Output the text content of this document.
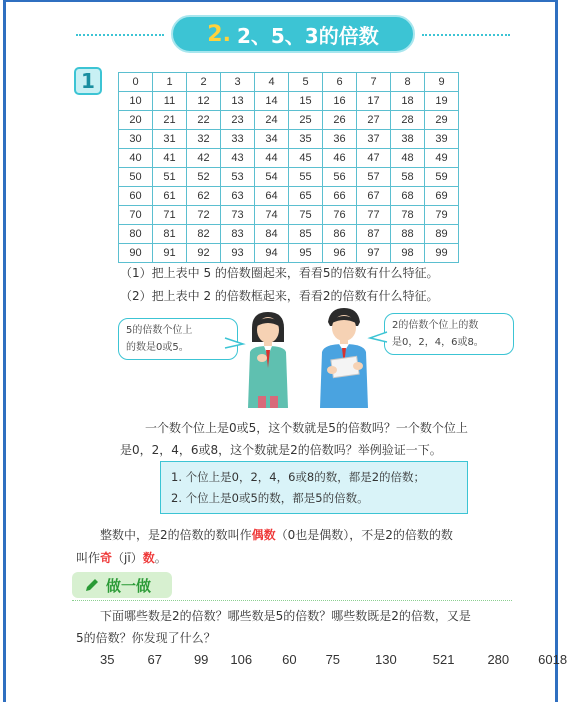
2. 2、5、3的倍数
1	0	1	2	3	4	5	6	7	8	9
10	11	12	13	14	15	16	17	18	19
20	21	22	23	24	25	26	27	28	29
30	31	32	33	34	35	36	37	38	39
40	41	42	43	44	45	46	47	48	49
50	51	52	53	54	55	56	57	58	59
60	61	62	63	64	65	66	67	68	69
70	71	72	73	74	75	76	77	78	79
80	81	82	83	84	85	86	87	88	89
90	91	92	93	94	95	96	97	98	99
（1）把上表中 5 的倍数圈起来，看看5的倍数有什么特征。
（2）把上表中 2 的倍数框起来，看看2的倍数有什么特征。
5的倍数个位上
的数是0或5。
2的倍数个位上的数
是0，2，4，6或8。
一个数个位上是0或5，这个数就是5的倍数吗？一个数个位上
是0，2，4，6或8，这个数就是2的倍数吗？举例验证一下。
1. 个位上是0，2，4，6或8的数，都是2的倍数；
2. 个位上是0或5的数，都是5的倍数。
整数中，是2的倍数的数叫作偶数（0也是偶数），不是2的倍数的数
叫作奇（jī）数。
做一做
下面哪些数是2的倍数？哪些数是5的倍数？哪些数既是2的倍数，又是
5的倍数？你发现了什么？
35	67 99 106 60 75	130	521	280 6018
